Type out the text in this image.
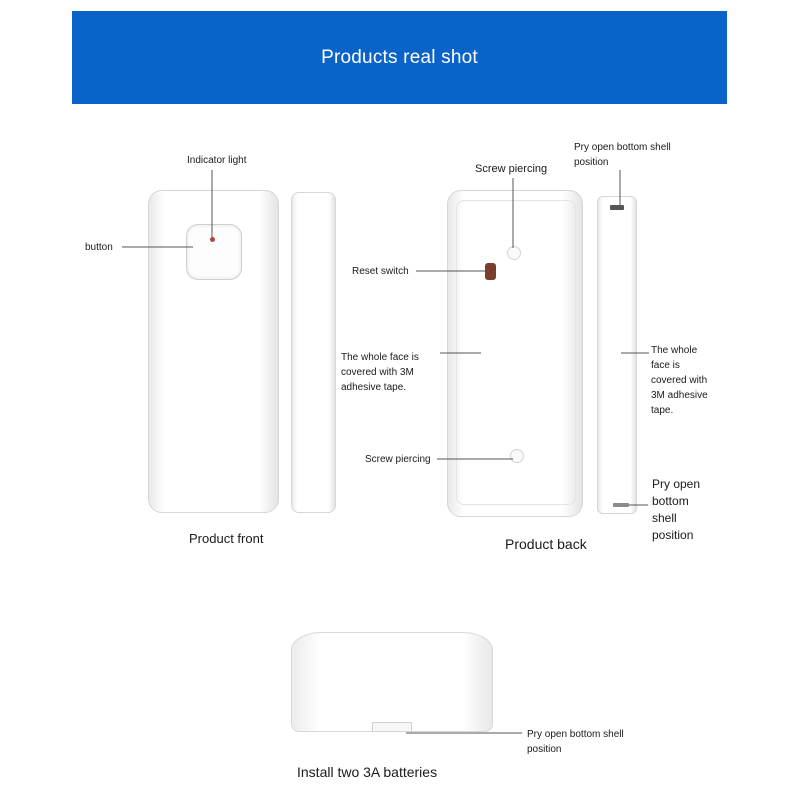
Products real shot
Indicator light
button
Product front
Screw piercing
Reset switch
The whole face is covered with 3M adhesive tape.
Screw piercing
Product back
Pry open bottom shell position
The whole face is covered with 3M adhesive tape.
Pry open bottom shell position
Pry open bottom shell position
Install two 3A batteries
